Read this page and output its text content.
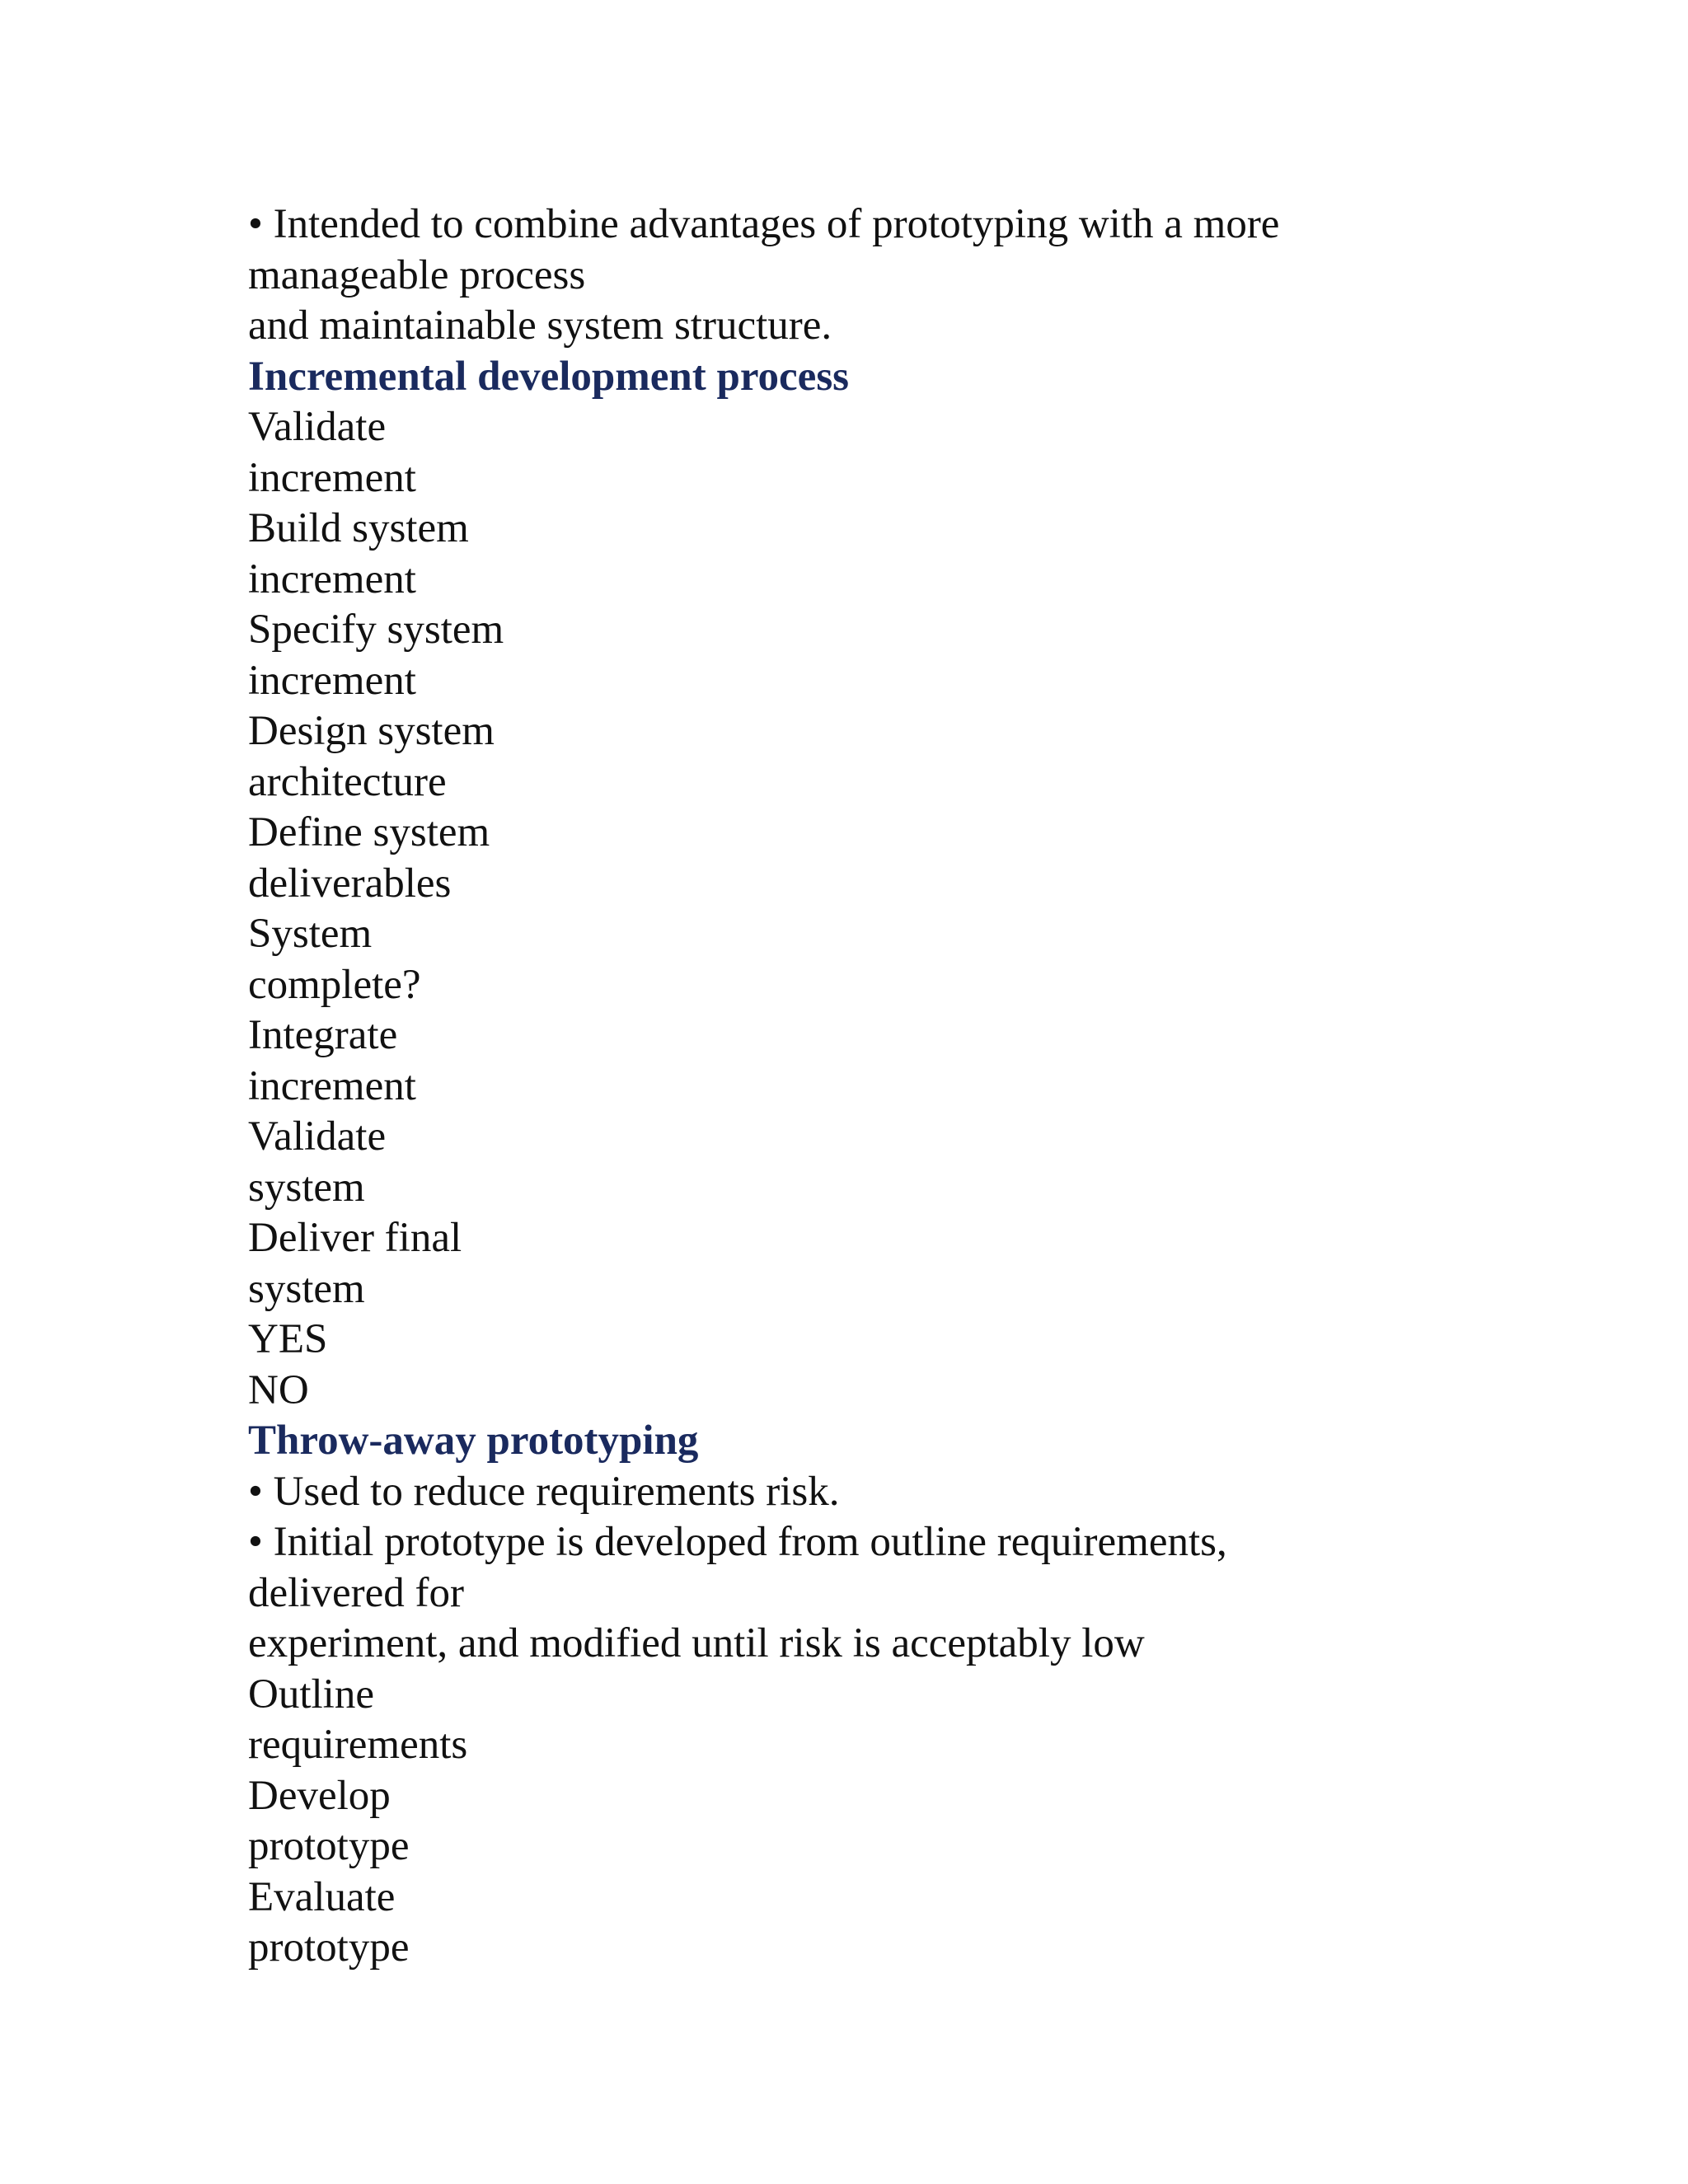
• Intended to combine advantages of prototyping with a more
manageable process
and maintainable system structure.
Incremental development process
Validate
increment
Build system
increment
Specify system
increment
Design system
architecture
Define system
deliverables
System
complete?
Integrate
increment
Validate
system
Deliver final
system
YES
NO
Throw-away prototyping
• Used to reduce requirements risk.
• Initial prototype is developed from outline requirements,
delivered for
experiment, and modified until risk is acceptably low
Outline
requirements
Develop
prototype
Evaluate
prototype
